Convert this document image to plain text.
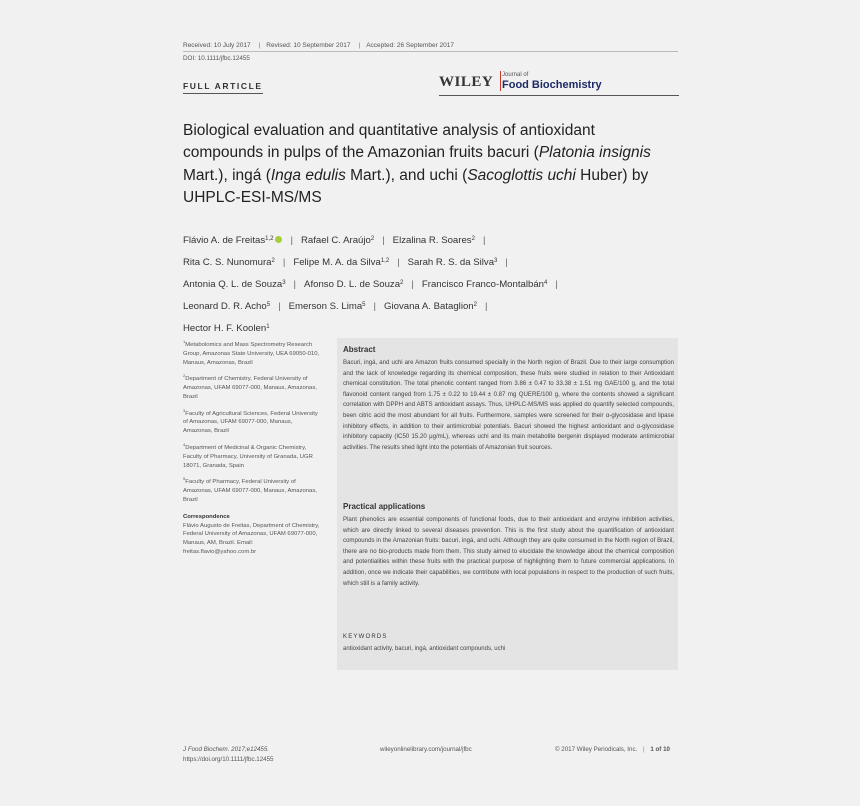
Received: 10 July 2017	| Revised: 10 September 2017	| Accepted: 26 September 2017
DOI: 10.1111/jfbc.12455
FULL ARTICLE	WILEY Journal of
Food Biochemistry
Biological evaluation and quantitative analysis of antioxidant compounds in pulps of the Amazonian fruits bacuri (Platonia insignis Mart.), ingá (Inga edulis Mart.), and uchi (Sacoglottis uchi Huber) by UHPLC-ESI-MS/MS
Flávio A. de Freitas$^{1,2}$ | Rafael C. Araújo$^2$ | Elzalina R. Soares$^2$ |
Rita C. S. Nunomura$^2$ | Felipe M. A. da Silva$^{1,2}$ | Sarah R. S. da Silva$^3$ |
Antonia Q. L. de Souza$^3$ | Afonso D. L. de Souza$^2$ | Francisco Franco-Montalbán$^4$ |
Leonard D. R. Acho$^5$ | Emerson S. Lima$^5$ | Giovana A. Bataglion$^2$ |
Hector H. F. Koolen$^1$

$^1$Metabolomics and Mass Spectrometry Research Group, Amazonas State University, UEA 69050-010, Manaus, Amazonas, Brazil

$^2$Department of Chemistry, Federal University of Amazonas, UFAM 69077-000, Manaus, Amazonas, Brazil

$^3$Faculty of Agricultural Sciences, Federal University of Amazonas, UFAM 69077-000, Manaus, Amazonas, Brazil

$^4$Department of Medicinal & Organic Chemistry, Faculty of Pharmacy, University of Granada, UGR 18071, Granada, Spain

$^5$Faculty of Pharmacy, Federal University of Amazonas, UFAM 69077-000, Manaus, Amazonas, Brazil

Correspondence

Flávio Augusto de Freitas, Department of Chemistry, Federal University of Amazonas, UFAM 69077-000, Manaus, AM, Brazil. Email: freitas.flavio@yahoo.com.br

Abstract
Bacuri, ingá, and uchi are Amazon fruits consumed specially in the North region of Brazil. Due to their large consumption and the lack of knowledge regarding its chemical composition, these fruits were studied in relation to their Antioxidant chemical constitution. The total phenolic content ranged from 3.86 ± 0.47 to 33.38 ± 1.51 mg GAE/100 g, and the total flavonoid content ranged from 1.75 ± 0.22 to 19.44 ± 0.87 mg QUERE/100 g, where the contents showed a significant correlation with DPPH and ABTS antioxidant assays. Thus, UHPLC-MS/MS was applied do quantify selected compounds, been citric acid the most abundant for all fruits. Furthermore, samples were screened for their α-glycosidase and lipase inhibitory effects, in addition to their antimicrobial potentials. Bacuri showed the highest antioxidant and α-glycosidase inhibitory capacity (IC50 15.20 μg/mL), whereas uchi and its main metabolite bergenin displayed moderate antimicrobial activities. The results shed light into the potentials of Amazonian fruit sources.
Practical applications
Plant phenolics are essential components of functional foods, due to their antioxidant and enzyme inhibition activities, which are directly linked to several diseases prevention. This is the first study about the quantification of antioxidant compounds in the Amazonian fruits: bacuri, ingá, and uchi. Although they are quite consumed in the North region of Brazil, there are no bio-products made from them. This study aimed to elucidate the knowledge about the chemical composition and potentialities within these fruits with the practical purpose of highlighting them to future commercial applications. In addition, once we indicate their capabilities, we contribute with local populations in respect to the production of such fruits, which still is a family activity.
KEYWORDS
antioxidant activity, bacuri, ingá, antioxidant compounds, uchi
J Food Biochem. 2017;e12455.
https://doi.org/10.1111/jfbc.12455
wileyonlinelibrary.com/journal/jfbc	© 2017 Wiley Periodicals, Inc. | 1 of 10
